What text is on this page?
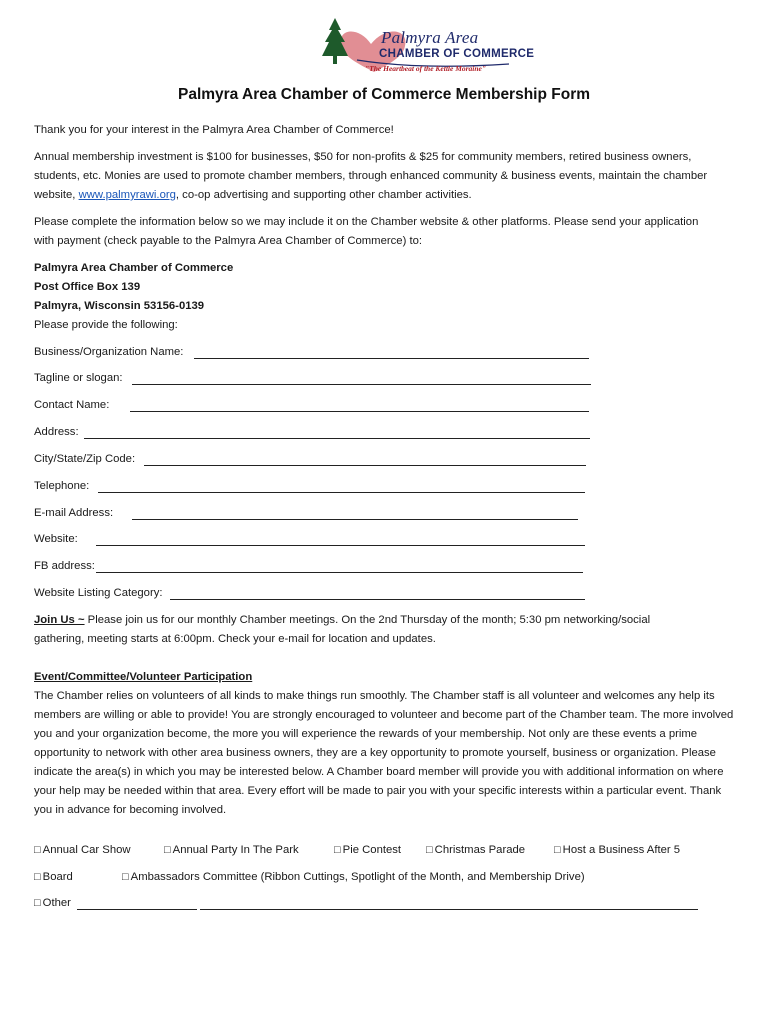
Palmyra Area
CHAMBER OF COMMERCE
"The Heartbeat of the Kettle Moraine"
Palmyra Area Chamber of Commerce Membership Form

Thank you for your interest in the Palmyra Area Chamber of Commerce!

Annual membership investment is $100 for businesses, $50 for non-profits & $25 for community members, retired business owners, students, etc. Monies are used to promote chamber members, through enhanced community & business events, maintain the chamber website, www.palmyrawi.org, co-op advertising and supporting other chamber activities.

Please complete the information below so we may include it on the Chamber website & other platforms. Please send your application with payment (check payable to the Palmyra Area Chamber of Commerce) to:

Palmyra Area Chamber of Commerce

Post Office Box 139

Palmyra, Wisconsin 53156-0139

Please provide the following:

Business/Organization Name:
Tagline or slogan:
Contact Name:
Address:
City/State/Zip Code:
Telephone:
E-mail Address:
Website:
FB address:
Website Listing Category:

Join Us ~ Please join us for our monthly Chamber meetings. On the 2nd Thursday of the month; 5:30 pm networking/social gathering, meeting starts at 6:00pm. Check your e-mail for location and updates.

Event/Committee/Volunteer Participation

The Chamber relies on volunteers of all kinds to make things run smoothly. The Chamber staff is all volunteer and welcomes any help its members are willing or able to provide! You are strongly encouraged to volunteer and become part of the Chamber team. The more involved you and your organization become, the more you will experience the rewards of your membership. Not only are these events a prime opportunity to network with other area business owners, they are a key opportunity to promote yourself, business or organization. Please indicate the area(s) in which you may be interested below. A Chamber board member will provide you with additional information on where your help may be needed within that area. Every effort will be made to pair you with your specific interests within a particular event. Thank you in advance for becoming involved.

□ Annual Car Show	□ Annual Party In The Park	□ Pie Contest □ Christmas Parade	□ Host a Business After 5
□ Board	□ Ambassadors Committee (Ribbon Cuttings, Spotlight of the Month, and Membership Drive)
□ Other
